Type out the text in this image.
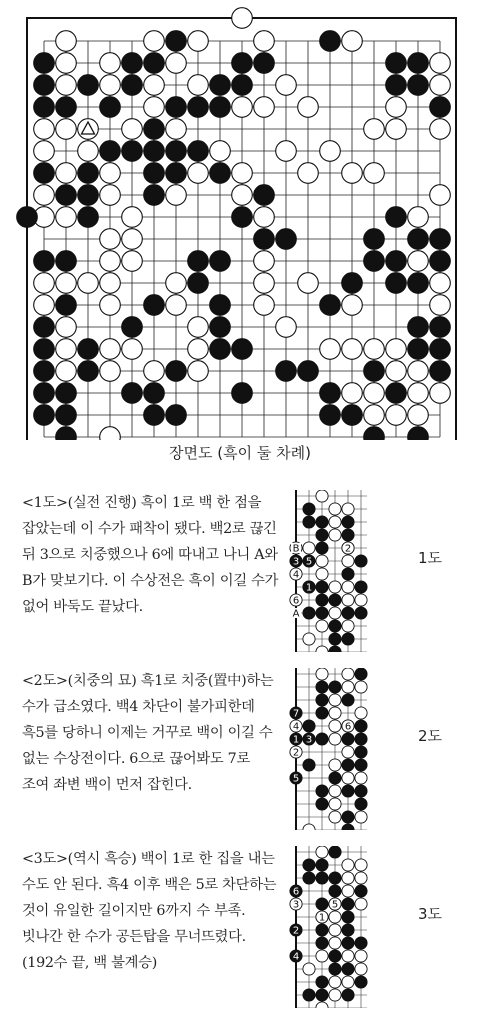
장면도 (흑이 둘 차례)
<1도>(실전 진행) 흑이 1로 백 한 점을 잡았는데 이 수가 패착이 됐다. 백2로 끊긴 뒤 3으로 치중했으나 6에 따내고 나니 A와 B가 맞보기다. 이 수상전은 흑이 이길 수가 없어 바둑도 끝났다.
<2도>(치중의 묘) 흑1로 치중(置中)하는 수가 급소였다. 백4 차단이 불가피한데 흑5를 당하니 이제는 거꾸로 백이 이길 수 없는 수상전이다. 6으로 끊어봐도 7로 조여 좌변 백이 먼저 잡힌다.
<3도>(역시 흑승) 백이 1로 한 집을 내는 수도 안 된다. 흑4 이후 백은 5로 차단하는 것이 유일한 길이지만 6까지 수 부족. 빗나간 한 수가 공든탑을 무너뜨렸다. (192수 끝, 백 불계승)
2
3 5
4
1
6
B
A
7
4	6
1 3
2
5
6
3	5
1
2
4
1도
2도
3도
